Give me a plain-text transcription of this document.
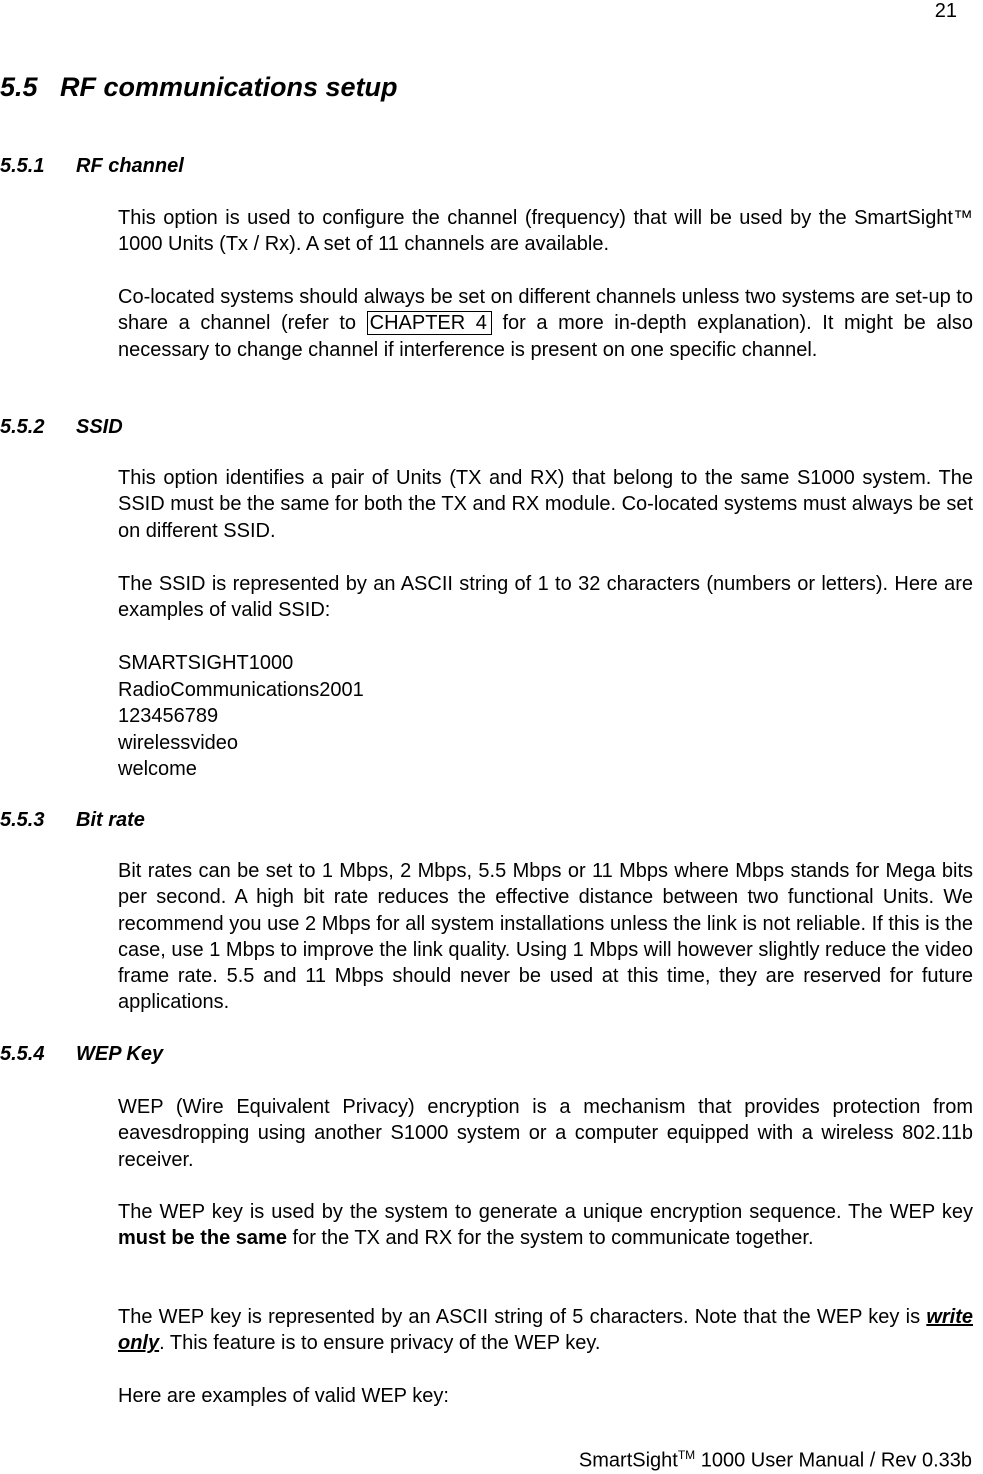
21
5.5 RF communications setup
5.5.1 RF channel
This option is used to configure the channel (frequency) that will be used by the SmartSight™ 1000 Units (Tx / Rx). A set of 11 channels are available.
Co-located systems should always be set on different channels unless two systems are set-up to share a channel (refer to CHAPTER 4 for a more in-depth explanation). It might be also necessary to change channel if interference is present on one specific channel.
5.5.2 SSID
This option identifies a pair of Units (TX and RX) that belong to the same S1000 system. The SSID must be the same for both the TX and RX module. Co-located systems must always be set on different SSID.
The SSID is represented by an ASCII string of 1 to 32 characters (numbers or letters). Here are examples of valid SSID:
SMARTSIGHT1000
RadioCommunications2001
123456789
wirelessvideo
welcome
5.5.3 Bit rate
Bit rates can be set to 1 Mbps, 2 Mbps, 5.5 Mbps or 11 Mbps where Mbps stands for Mega bits per second. A high bit rate reduces the effective distance between two functional Units. We recommend you use 2 Mbps for all system installations unless the link is not reliable. If this is the case, use 1 Mbps to improve the link quality. Using 1 Mbps will however slightly reduce the video frame rate. 5.5 and 11 Mbps should never be used at this time, they are reserved for future applications.
5.5.4 WEP Key
WEP (Wire Equivalent Privacy) encryption is a mechanism that provides protection from eavesdropping using another S1000 system or a computer equipped with a wireless 802.11b receiver.
The WEP key is used by the system to generate a unique encryption sequence. The WEP key must be the same for the TX and RX for the system to communicate together.
The WEP key is represented by an ASCII string of 5 characters. Note that the WEP key is write only. This feature is to ensure privacy of the WEP key.
Here are examples of valid WEP key:
SmartSight™ 1000 User Manual / Rev 0.33b
